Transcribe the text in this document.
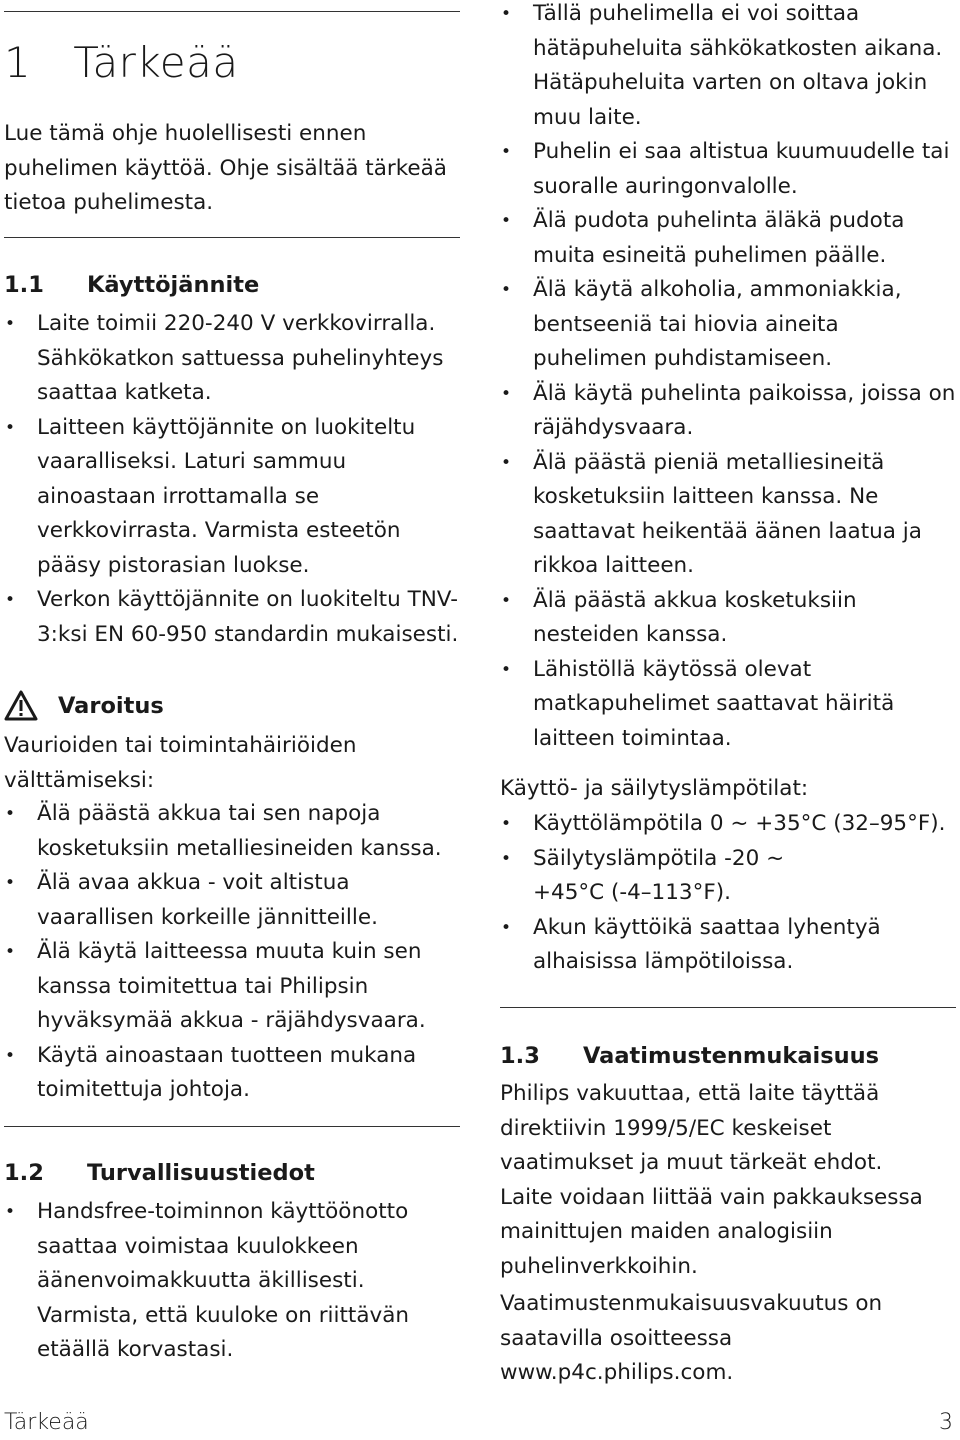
1 Tärkeää

Lue tämä ohje huolellisesti ennen puhelimen käyttöä. Ohje sisältää tärkeää tietoa puhelimesta.

1.1 Käyttöjännite
• Laite toimii 220-240 V verkkovirralla. Sähkökatkon sattuessa puhelinyhteys saattaa katketa.
• Laitteen käyttöjännite on luokiteltu vaaralliseksi. Laturi sammuu ainoastaan irrottamalla se verkkovirrasta. Varmista esteetön pääsy pistorasian luokse.
• Verkon käyttöjännite on luokiteltu TNV-3:ksi EN 60-950 standardin mukaisesti.
Varoitus

Vaurioiden tai toimintahäiriöiden välttämiseksi:

• Älä päästä akkua tai sen napoja kosketuksiin metalliesineiden kanssa.
• Älä avaa akkua - voit altistua vaarallisen korkeille jännitteille.
• Älä käytä laitteessa muuta kuin sen kanssa toimitettua tai Philipsin hyväksymää akkua - räjähdysvaara.
• Käytä ainoastaan tuotteen mukana toimitettuja johtoja.
1.2 Turvallisuustiedot
• Handsfree-toiminnon käyttöönotto saattaa voimistaa kuulokkeen äänenvoimakkuutta äkillisesti. Varmista, että kuuloke on riittävän etäällä korvastasi.
• Tällä puhelimella ei voi soittaa hätäpuheluita sähkökatkosten aikana. Hätäpuheluita varten on oltava jokin muu laite.
• Puhelin ei saa altistua kuumuudelle tai suoralle auringonvalolle.
• Älä pudota puhelinta äläkä pudota muita esineitä puhelimen päälle.
• Älä käytä alkoholia, ammoniakkia, bentseeniä tai hiovia aineita puhelimen puhdistamiseen.
• Älä käytä puhelinta paikoissa, joissa on räjähdysvaara.
• Älä päästä pieniä metalliesineitä kosketuksiin laitteen kanssa. Ne saattavat heikentää äänen laatua ja rikkoa laitteen.
• Älä päästä akkua kosketuksiin nesteiden kanssa.
• Lähistöllä käytössä olevat matkapuhelimet saattavat häiritä laitteen toimintaa.

Käyttö- ja säilytyslämpötilat:

• Käyttölämpötila 0 ~ +35°C (32–95°F).
• Säilytyslämpötila -20 ~ +45°C (-4–113°F).
• Akun käyttöikä saattaa lyhentyä alhaisissa lämpötiloissa.
1.3 Vaatimustenmukaisuus

Philips vakuuttaa, että laite täyttää direktiivin 1999/5/EC keskeiset vaatimukset ja muut tärkeät ehdot. Laite voidaan liittää vain pakkauksessa mainittujen maiden analogisiin puhelinverkkoihin.

Vaatimustenmukaisuusvakuutus on saatavilla osoitteessa www.p4c.philips.com.

Tärkeää	3
